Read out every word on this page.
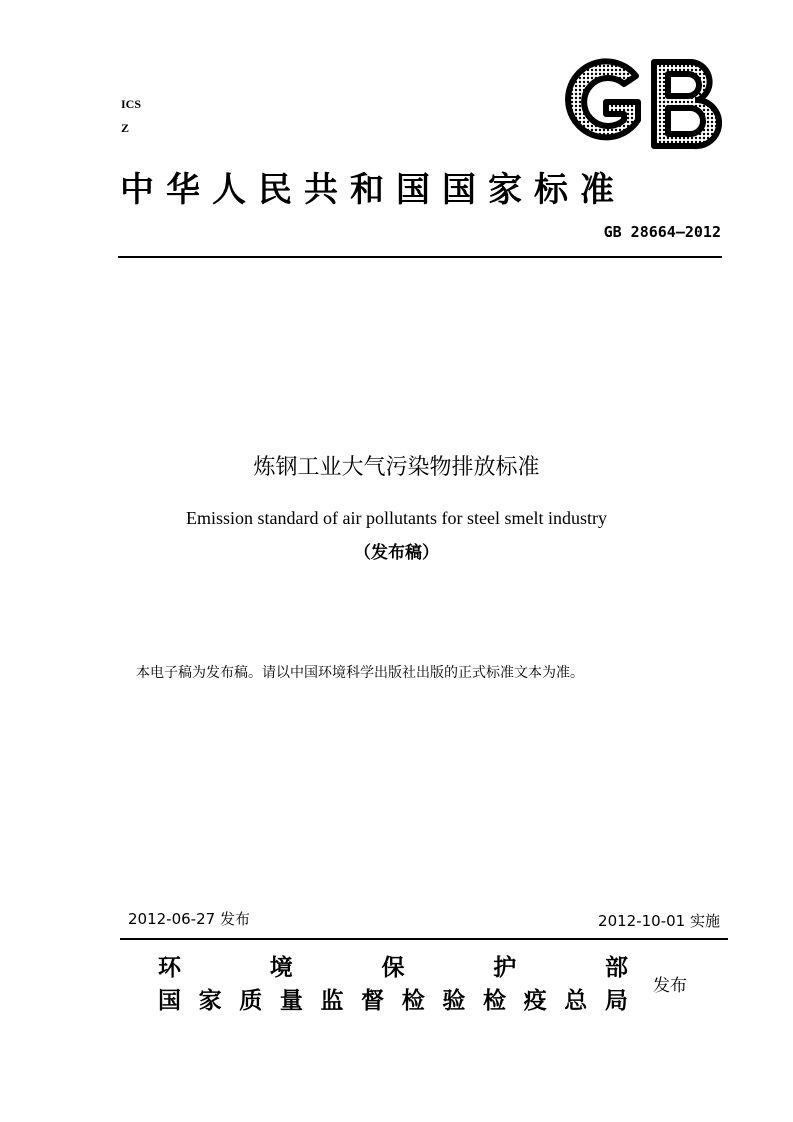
ICS
Z
中华人民共和国国家标准
GB 28664—2012
炼钢工业大气污染物排放标准
Emission standard of air pollutants for steel smelt industry
（发布稿）
本电子稿为发布稿。请以中国环境科学出版社出版的正式标准文本为准。
2012-06-27 发布	2012-10-01 实施
环	境	保	护	部
国 家 质 量 监 督 检 验 检 疫 总 局
发布
